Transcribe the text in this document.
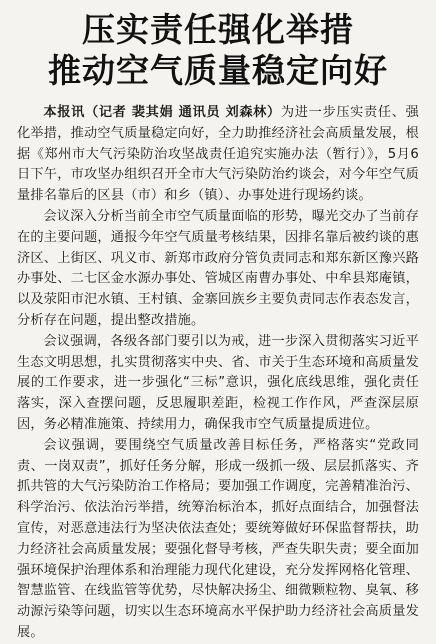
压实责任强化举措
推动空气质量稳定向好

本报讯（记者 裴其娟 通讯员 刘森林）为进一步压实责任、强化举措，推动空气质量稳定向好，全力助推经济社会高质量发展，根据《郑州市大气污染防治攻坚战责任追究实施办法（暂行）》，5月6日下午，市攻坚办组织召开全市大气污染防治约谈会，对今年空气质量排名靠后的区县（市）和乡（镇）、办事处进行现场约谈。

会议深入分析当前全市空气质量面临的形势，曝光交办了当前存在的主要问题，通报今年空气质量考核结果，因排名靠后被约谈的惠济区、上街区、巩义市、新郑市政府分管负责同志和郑东新区豫兴路办事处、二七区金水源办事处、管城区南曹办事处、中牟县郑庵镇，以及荥阳市汜水镇、王村镇、金寨回族乡主要负责同志作表态发言，分析存在问题，提出整改措施。

会议强调，各级各部门要引以为戒，进一步深入贯彻落实习近平生态文明思想，扎实贯彻落实中央、省、市关于生态环境和高质量发展的工作要求，进一步强化“三标”意识，强化底线思维，强化责任落实，深入查摆问题，反思履职差距，检视工作作风，严查深层原因，务必精准施策、持续用力，确保我市空气质量提质进位。

会议强调，要围绕空气质量改善目标任务，严格落实“党政同责、一岗双责”，抓好任务分解，形成一级抓一级、层层抓落实、齐抓共管的大气污染防治工作格局；要加强工作调度，完善精准治污、科学治污、依法治污举措，统筹治标治本，抓好点面结合，加强督法宣传，对恶意违法行为坚决依法查处；要统筹做好环保监督帮扶，助力经济社会高质量发展；要强化督导考核，严查失职失责；要全面加强环境保护治理体系和治理能力现代化建设，充分发挥网格化管理、智慧监管、在线监管等优势，尽快解决扬尘、细微颗粒物、臭氧、移动源污染等问题，切实以生态环境高水平保护助力经济社会高质量发展。
